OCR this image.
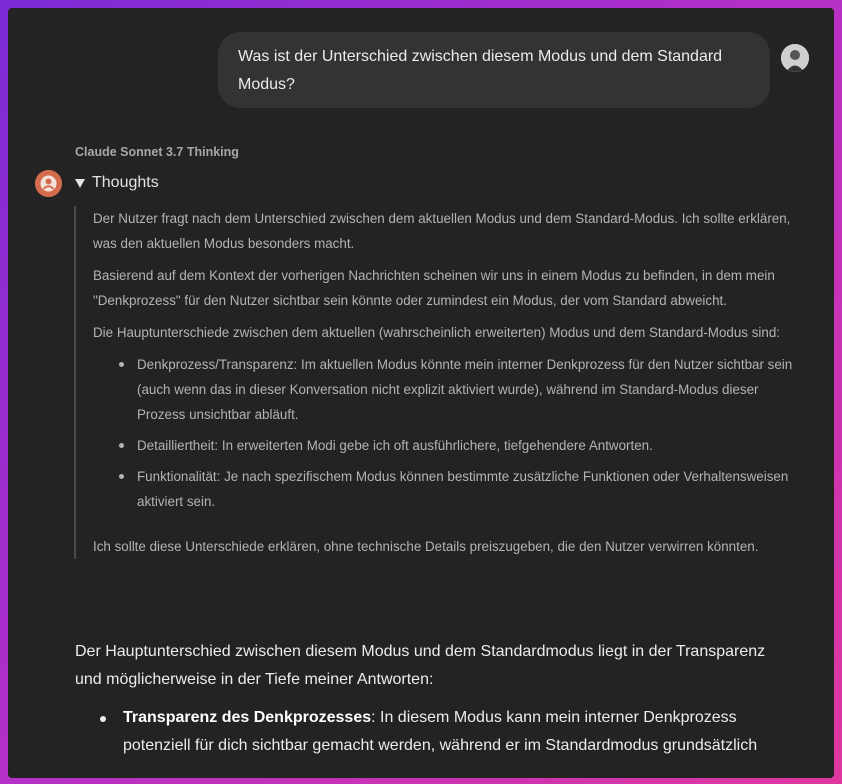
Was ist der Unterschied zwischen diesem Modus und dem Standard Modus?
Claude Sonnet 3.7 Thinking
Thoughts

Der Nutzer fragt nach dem Unterschied zwischen dem aktuellen Modus und dem Standard-Modus. Ich sollte erklären, was den aktuellen Modus besonders macht.

Basierend auf dem Kontext der vorherigen Nachrichten scheinen wir uns in einem Modus zu befinden, in dem mein "Denkprozess" für den Nutzer sichtbar sein könnte oder zumindest ein Modus, der vom Standard abweicht.

Die Hauptunterschiede zwischen dem aktuellen (wahrscheinlich erweiterten) Modus und dem Standard-Modus sind:

Denkprozess/Transparenz: Im aktuellen Modus könnte mein interner Denkprozess für den Nutzer sichtbar sein (auch wenn das in dieser Konversation nicht explizit aktiviert wurde), während im Standard-Modus dieser Prozess unsichtbar abläuft.
Detailliertheit: In erweiterten Modi gebe ich oft ausführlichere, tiefgehendere Antworten.
Funktionalität: Je nach spezifischem Modus können bestimmte zusätzliche Funktionen oder Verhaltensweisen aktiviert sein.

Ich sollte diese Unterschiede erklären, ohne technische Details preiszugeben, die den Nutzer verwirren könnten.

Der Hauptunterschied zwischen diesem Modus und dem Standardmodus liegt in der Transparenz und möglicherweise in der Tiefe meiner Antworten:

Transparenz des Denkprozesses: In diesem Modus kann mein interner Denkprozess potenziell für dich sichtbar gemacht werden, während er im Standardmodus grundsätzlich
